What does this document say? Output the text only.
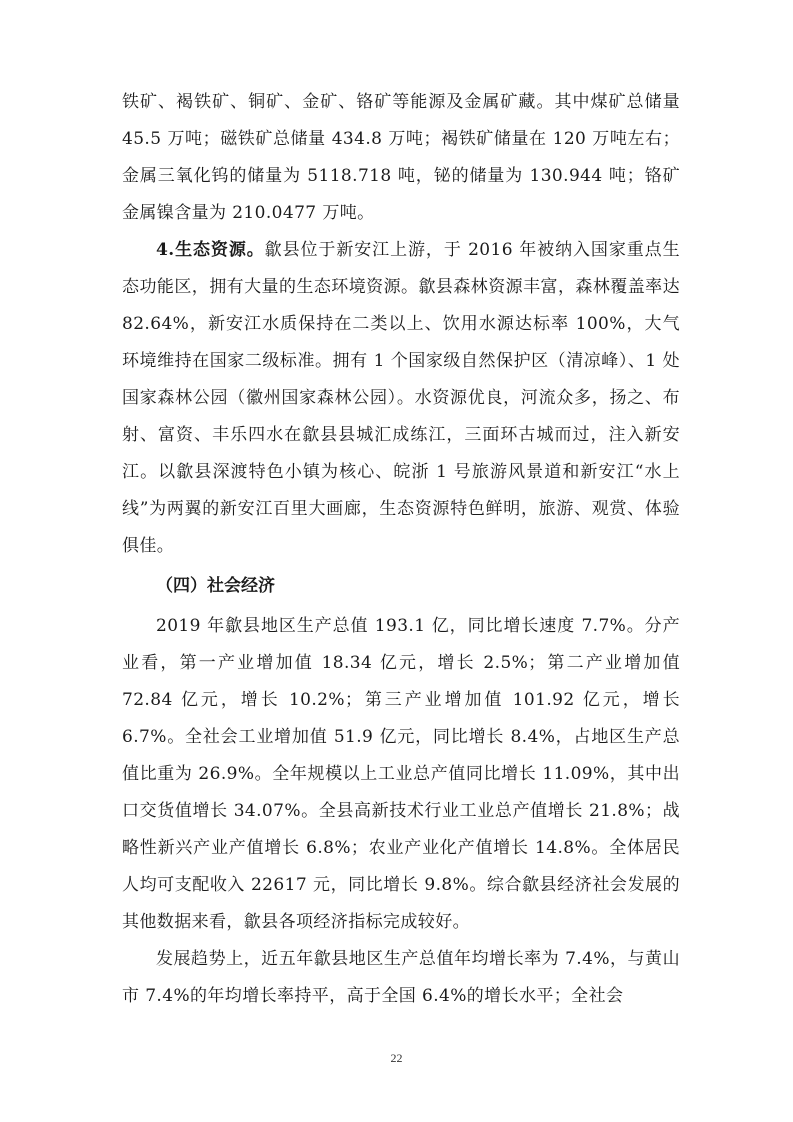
铁矿、褐铁矿、铜矿、金矿、铬矿等能源及金属矿藏。其中煤矿总储量 45.5 万吨；磁铁矿总储量 434.8 万吨；褐铁矿储量在 120 万吨左右；金属三氧化钨的储量为 5118.718 吨，铋的储量为 130.944 吨；铬矿金属镍含量为 210.0477 万吨。

4.生态资源。歙县位于新安江上游，于 2016 年被纳入国家重点生态功能区，拥有大量的生态环境资源。歙县森林资源丰富，森林覆盖率达 82.64%，新安江水质保持在二类以上、饮用水源达标率 100%，大气环境维持在国家二级标准。拥有 1 个国家级自然保护区（清凉峰）、1 处国家森林公园（徽州国家森林公园）。水资源优良，河流众多，扬之、布射、富资、丰乐四水在歙县县城汇成练江，三面环古城而过，注入新安江。以歙县深渡特色小镇为核心、皖浙 1 号旅游风景道和新安江“水上线”为两翼的新安江百里大画廊，生态资源特色鲜明，旅游、观赏、体验俱佳。

（四）社会经济

2019 年歙县地区生产总值 193.1 亿，同比增长速度 7.7%。分产业看，第一产业增加值 18.34 亿元，增长 2.5%；第二产业增加值 72.84 亿元，增长 10.2%；第三产业增加值 101.92 亿元，增长 6.7%。全社会工业增加值 51.9 亿元，同比增长 8.4%，占地区生产总值比重为 26.9%。全年规模以上工业总产值同比增长 11.09%，其中出口交货值增长 34.07%。全县高新技术行业工业总产值增长 21.8%；战略性新兴产业产值增长 6.8%；农业产业化产值增长 14.8%。全体居民人均可支配收入 22617 元，同比增长 9.8%。综合歙县经济社会发展的其他数据来看，歙县各项经济指标完成较好。

发展趋势上，近五年歙县地区生产总值年均增长率为 7.4%，与黄山市 7.4%的年均增长率持平，高于全国 6.4%的增长水平；全社会

22
